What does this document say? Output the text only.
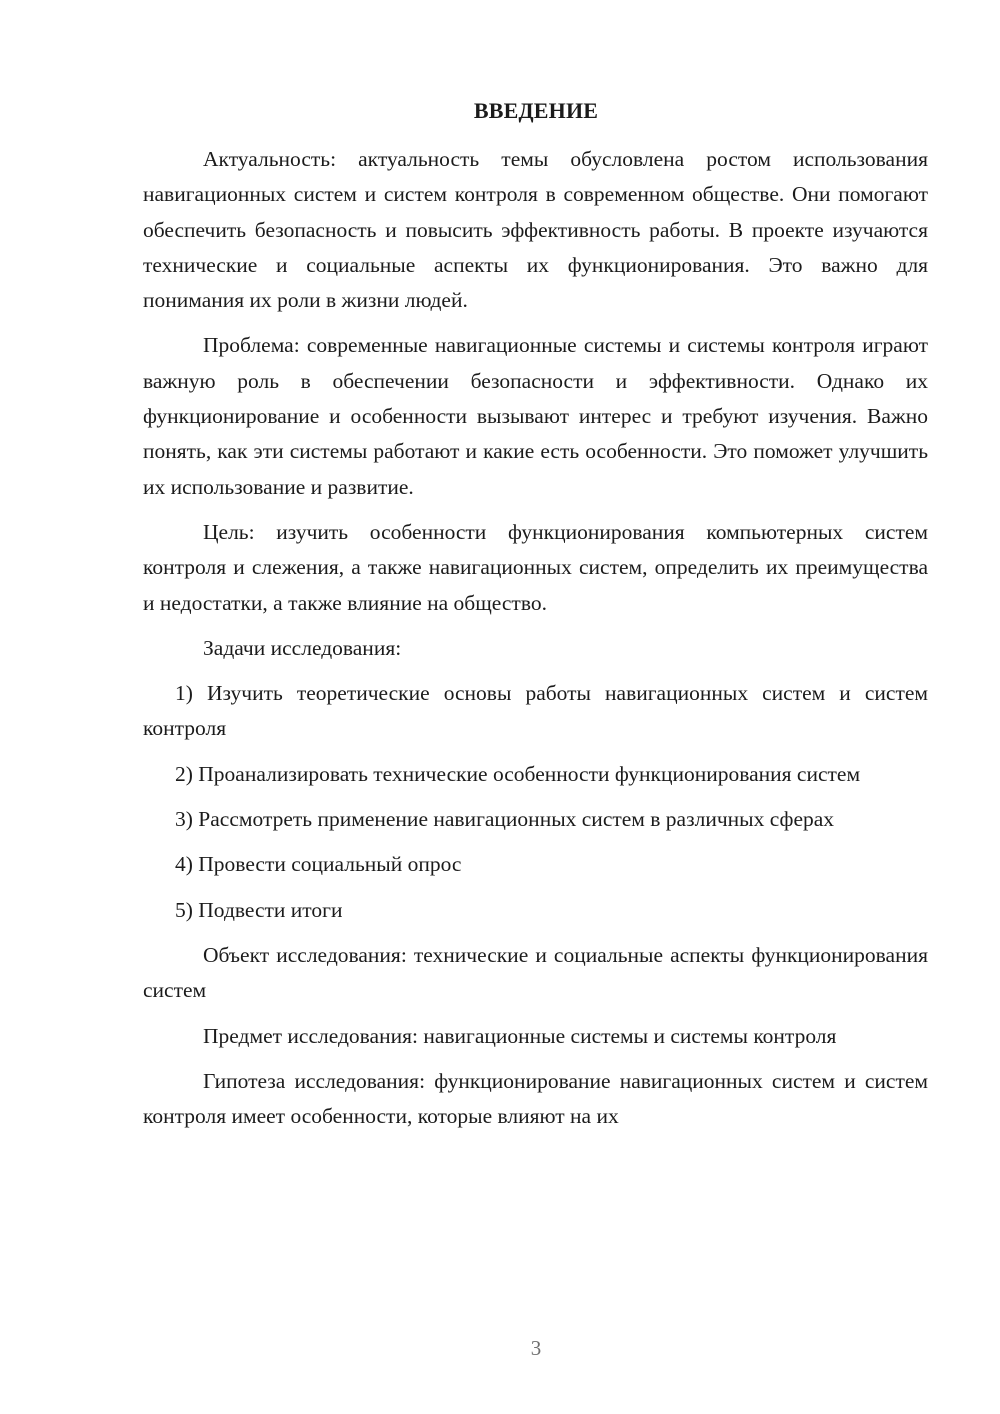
ВВЕДЕНИЕ

Актуальность: актуальность темы обусловлена ростом использования навигационных систем и систем контроля в современном обществе. Они помогают обеспечить безопасность и повысить эффективность работы. В проекте изучаются технические и социальные аспекты их функционирования. Это важно для понимания их роли в жизни людей.

Проблема: современные навигационные системы и системы контроля играют важную роль в обеспечении безопасности и эффективности. Однако их функционирование и особенности вызывают интерес и требуют изучения. Важно понять, как эти системы работают и какие есть особенности. Это поможет улучшить их использование и развитие.

Цель: изучить особенности функционирования компьютерных систем контроля и слежения, а также навигационных систем, определить их преимущества и недостатки, а также влияние на общество.

Задачи исследования:

1) Изучить теоретические основы работы навигационных систем и систем контроля

2) Проанализировать технические особенности функционирования систем

3) Рассмотреть применение навигационных систем в различных сферах

4) Провести социальный опрос

5) Подвести итоги

Объект исследования: технические и социальные аспекты функционирования систем

Предмет исследования: навигационные системы и системы контроля

Гипотеза исследования: функционирование навигационных систем и систем контроля имеет особенности, которые влияют на их

3
